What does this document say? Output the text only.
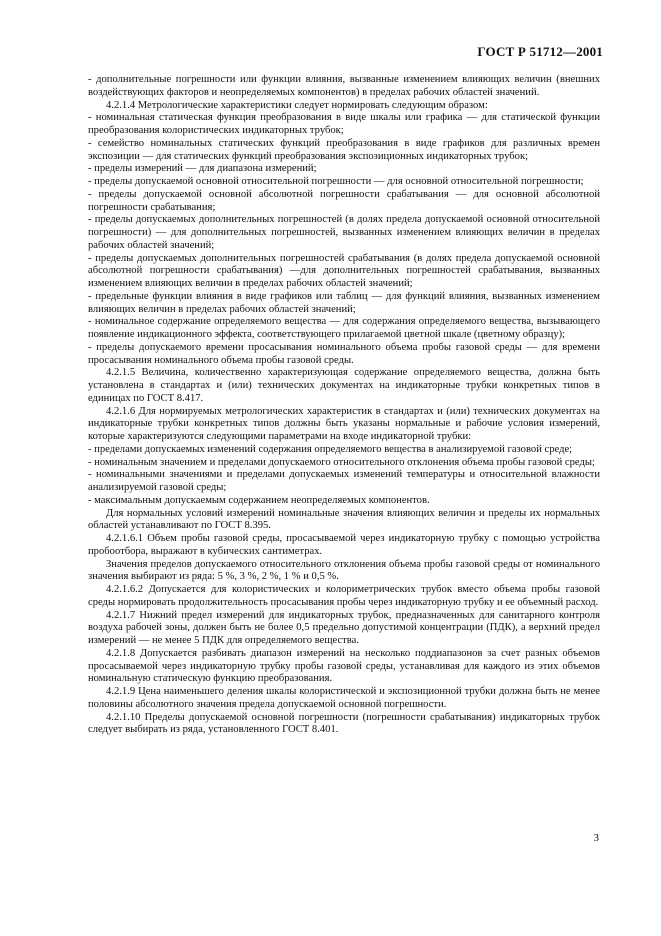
ГОСТ Р 51712—2001

- дополнительные погрешности или функции влияния, вызванные изменением влияющих величин (внешних воздействующих факторов и неопределяемых компонентов) в пределах рабочих областей значений.

4.2.1.4 Метрологические характеристики следует нормировать следующим образом:

- номинальная статическая функция преобразования в виде шкалы или графика — для статической функции преобразования колористических индикаторных трубок;

- семейство номинальных статических функций преобразования в виде графиков для различных времен экспозиции — для статических функций преобразования экспозиционных индикаторных трубок;

- пределы измерений — для диапазона измерений;

- пределы допускаемой основной относительной погрешности — для основной относительной погрешности;

- пределы допускаемой основной абсолютной погрешности срабатывания — для основной абсолютной погрешности срабатывания;

- пределы допускаемых дополнительных погрешностей (в долях предела допускаемой основной относительной погрешности) — для дополнительных погрешностей, вызванных изменением влияющих величин в пределах рабочих областей значений;

- пределы допускаемых дополнительных погрешностей срабатывания (в долях предела допускаемой основной абсолютной погрешности срабатывания) —для дополнительных погрешностей срабатывания, вызванных изменением влияющих величин в пределах рабочих областей значений;

- предельные функции влияния в виде графиков или таблиц — для функций влияния, вызванных изменением влияющих величин в пределах рабочих областей значений;

- номинальное содержание определяемого вещества — для содержания определяемого вещества, вызывающего появление индикационного эффекта, соответствующего прилагаемой цветной шкале (цветному образцу);

- пределы допускаемого времени просасывания номинального объема пробы газовой среды — для времени просасывания номинального объема пробы газовой среды.

4.2.1.5 Величина, количественно характеризующая содержание определяемого вещества, должна быть установлена в стандартах и (или) технических документах на индикаторные трубки конкретных типов в единицах по ГОСТ 8.417.

4.2.1.6 Для нормируемых метрологических характеристик в стандартах и (или) технических документах на индикаторные трубки конкретных типов должны быть указаны нормальные и рабочие условия измерений, которые характеризуются следующими параметрами на входе индикаторной трубки:

- пределами допускаемых изменений содержания определяемого вещества в анализируемой газовой среде;

- номинальным значением и пределами допускаемого относительного отклонения объема пробы газовой среды;

- номинальными значениями и пределами допускаемых изменений температуры и относительной влажности анализируемой газовой среды;

- максимальным допускаемым содержанием неопределяемых компонентов.

Для нормальных условий измерений номинальные значения влияющих величин и пределы их нормальных областей устанавливают по ГОСТ 8.395.

4.2.1.6.1 Объем пробы газовой среды, просасываемой через индикаторную трубку с помощью устройства пробоотбора, выражают в кубических сантиметрах.

Значения пределов допускаемого относительного отклонения объема пробы газовой среды от номинального значения выбирают из ряда: 5 %, 3 %, 2 %, 1 % и 0,5 %.

4.2.1.6.2 Допускается для колористических и колориметрических трубок вместо объема пробы газовой среды нормировать продолжительность просасывания пробы через индикаторную трубку и ее объемный расход.

4.2.1.7 Нижний предел измерений для индикаторных трубок, предназначенных для санитарного контроля воздуха рабочей зоны, должен быть не более 0,5 предельно допустимой концентрации (ПДК), а верхний предел измерений — не менее 5 ПДК для определяемого вещества.

4.2.1.8 Допускается разбивать диапазон измерений на несколько поддиапазонов за счет разных объемов просасываемой через индикаторную трубку пробы газовой среды, устанавливая для каждого из этих объемов номинальную статическую функцию преобразования.

4.2.1.9 Цена наименьшего деления шкалы колористической и экспозиционной трубки должна быть не менее половины абсолютного значения предела допускаемой основной погрешности.

4.2.1.10 Пределы допускаемой основной погрешности (погрешности срабатывания) индикаторных трубок следует выбирать из ряда, установленного ГОСТ 8.401.

3
